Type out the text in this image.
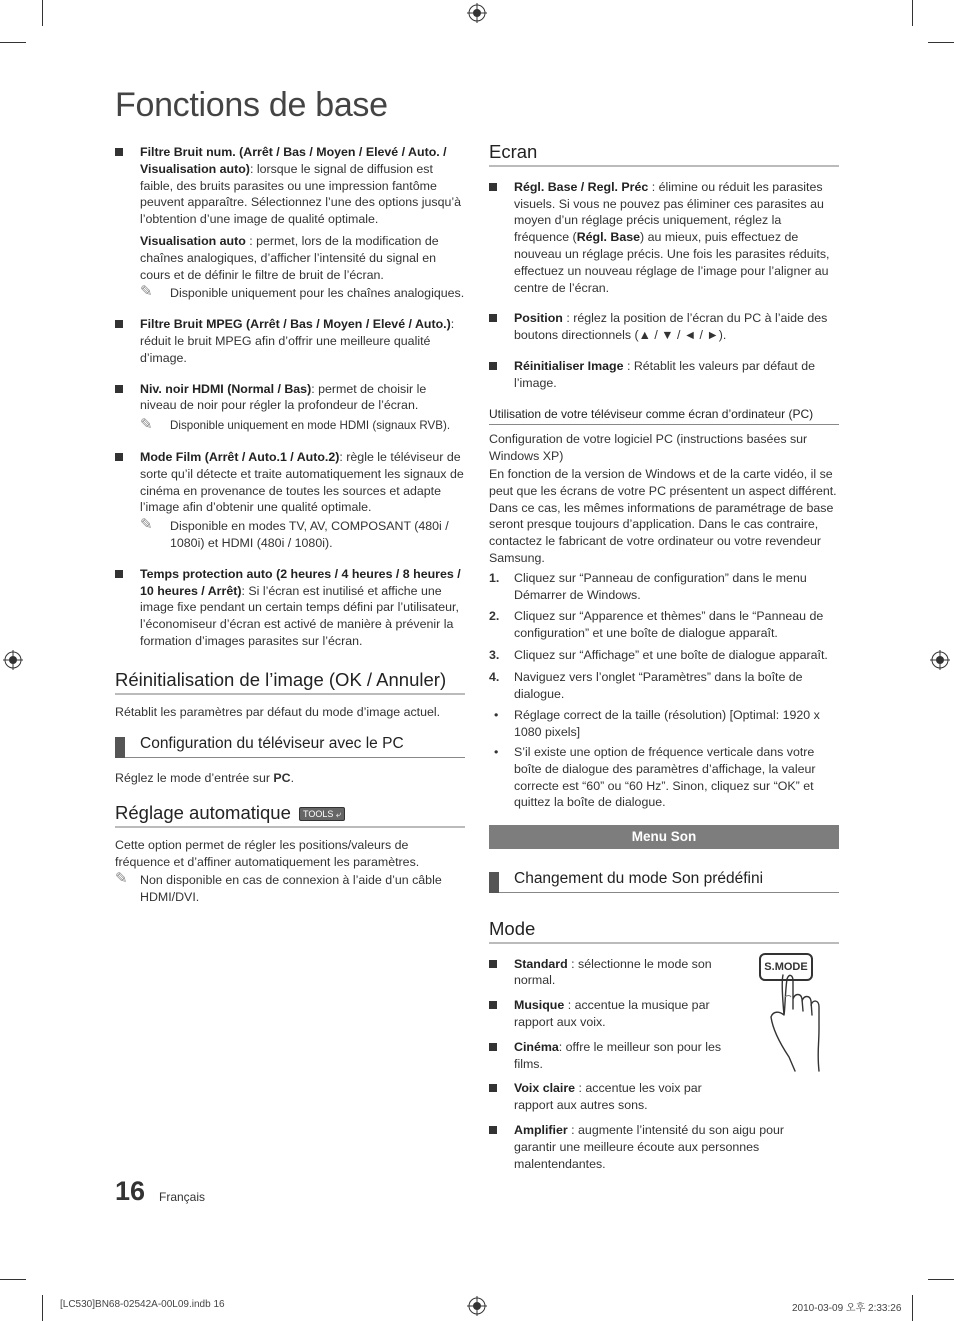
Fonctions de base
Filtre Bruit num. (Arrêt / Bas / Moyen / Elevé / Auto. / Visualisation auto): lorsque le signal de diffusion est faible, des bruits parasites ou une impression fantôme peuvent apparaître. Sélectionnez l’une des options jusqu’à l’obtention d’une image de qualité optimale.
Visualisation auto : permet, lors de la modification de chaînes analogiques, d’afficher l’intensité du signal en cours et de définir le filtre de bruit de l’écran.
✎ Disponible uniquement pour les chaînes analogiques.
Filtre Bruit MPEG (Arrêt / Bas / Moyen / Elevé / Auto.): réduit le bruit MPEG afin d’offrir une meilleure qualité d’image.
Niv. noir HDMI (Normal / Bas): permet de choisir le niveau de noir pour régler la profondeur de l’écran.
✎ Disponible uniquement en mode HDMI (signaux RVB).
Mode Film (Arrêt / Auto.1 / Auto.2): règle le téléviseur de sorte qu’il détecte et traite automatiquement les signaux de cinéma en provenance de toutes les sources et adapte l’image afin d’obtenir une qualité optimale.
✎ Disponible en modes TV, AV, COMPOSANT (480i / 1080i) et HDMI (480i / 1080i).
Temps protection auto (2 heures / 4 heures / 8 heures / 10 heures / Arrêt): Si l’écran est inutilisé et affiche une image fixe pendant un certain temps défini par l’utilisateur, l’économiseur d’écran est activé de manière à prévenir la formation d’images parasites sur l’écran.
Réinitialisation de l’image (OK / Annuler)
Rétablit les paramètres par défaut du mode d’image actuel.
Configuration du téléviseur avec le PC
Réglez le mode d’entrée sur PC.
Réglage automatique TOOLS ⤶
Cette option permet de régler les positions/valeurs de fréquence et d’affiner automatiquement les paramètres.
✎ Non disponible en cas de connexion à l’aide d’un câble HDMI/DVI.
Ecran
Régl. Base / Regl. Préc : élimine ou réduit les parasites visuels. Si vous ne pouvez pas éliminer ces parasites au moyen d’un réglage précis uniquement, réglez la fréquence (Régl. Base) au mieux, puis effectuez de nouveau un réglage précis. Une fois les parasites réduits, effectuez un nouveau réglage de l’image pour l’aligner au centre de l’écran.
Position : réglez la position de l’écran du PC à l’aide des boutons directionnels (▲ / ▼ / ◄ / ►).
Réinitialiser Image : Rétablit les valeurs par défaut de l’image.
Utilisation de votre téléviseur comme écran d’ordinateur (PC)
Configuration de votre logiciel PC (instructions basées sur Windows XP)
En fonction de la version de Windows et de la carte vidéo, il se peut que les écrans de votre PC présentent un aspect différent. Dans ce cas, les mêmes informations de paramétrage de base seront presque toujours d’application. Dans le cas contraire, contactez le fabricant de votre ordinateur ou votre revendeur Samsung.
1. Cliquez sur “Panneau de configuration” dans le menu Démarrer de Windows.
2. Cliquez sur “Apparence et thèmes” dans le “Panneau de configuration” et une boîte de dialogue apparaît.
3. Cliquez sur “Affichage” et une boîte de dialogue apparaît.
4. Naviguez vers l’onglet “Paramètres” dans la boîte de dialogue.
• Réglage correct de la taille (résolution) [Optimal: 1920 x 1080 pixels]
• S’il existe une option de fréquence verticale dans votre boîte de dialogue des paramètres d’affichage, la valeur correcte est “60” ou “60 Hz”. Sinon, cliquez sur “OK” et quittez la boîte de dialogue.
Menu Son
Changement du mode Son prédéfini
Mode
Standard : sélectionne le mode son normal.
Musique : accentue la musique par rapport aux voix.
Cinéma: offre le meilleur son pour les films.
Voix claire : accentue les voix par rapport aux autres sons.
Amplifier : augmente l’intensité du son aigu pour garantir une meilleure écoute aux personnes malentendantes.
S.MODE
16 Français
[LC530]BN68-02542A-00L09.indb 16	2010-03-09 오후 2:33:26
